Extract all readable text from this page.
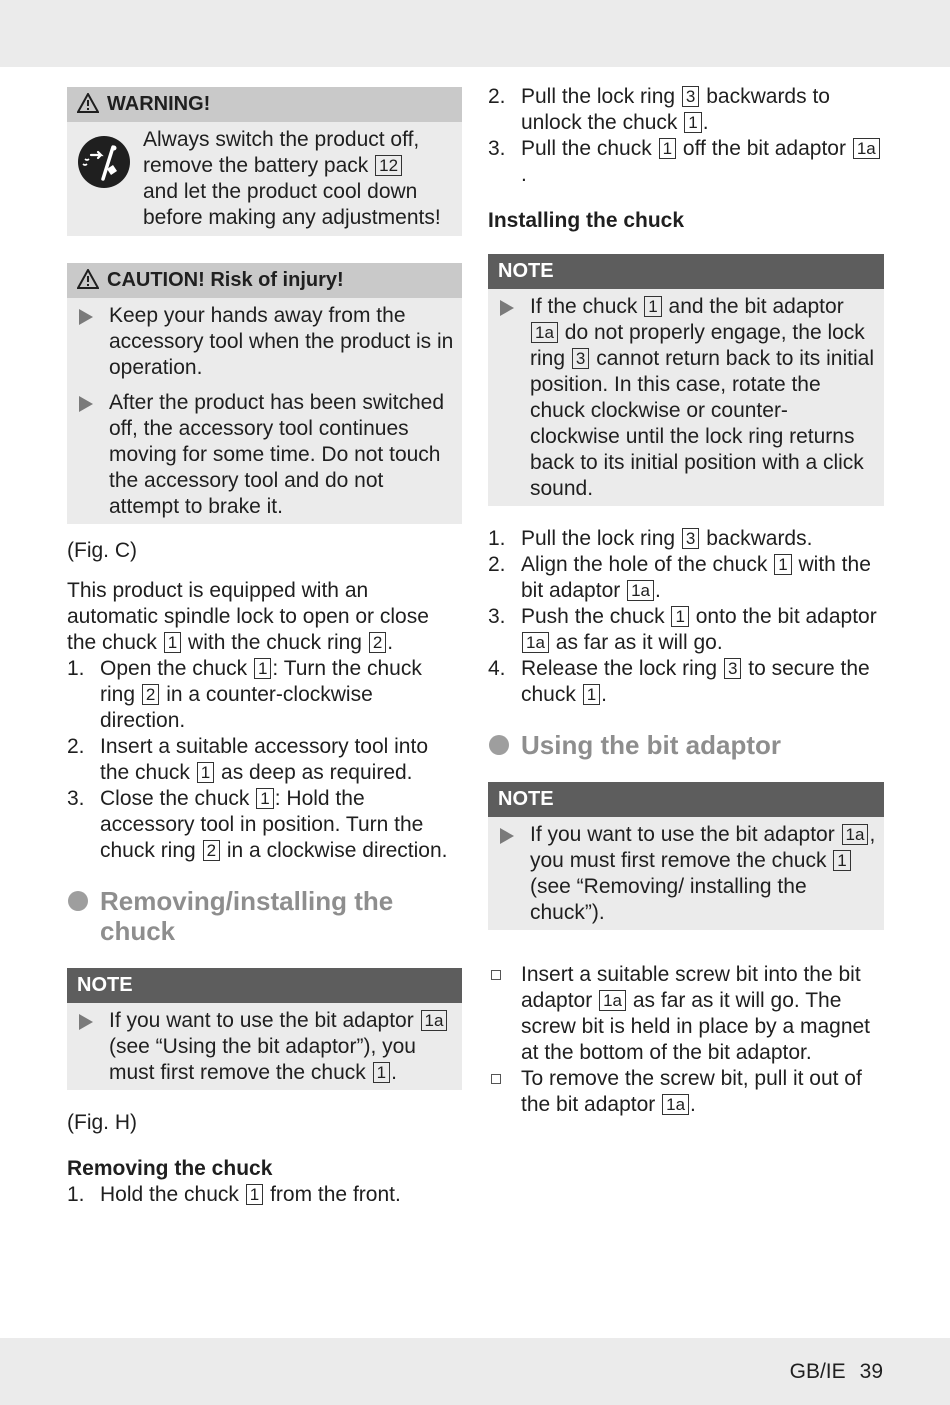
WARNING!
Always switch the product off,
remove the battery pack 12
and let the product cool down
before making any adjustments!
CAUTION! Risk of injury!
Keep your hands away from the accessory tool when the product is in operation.
After the product has been switched off, the accessory tool continues moving for some time. Do not touch the accessory tool and do not attempt to brake it.

(Fig. C)

This product is equipped with an automatic spindle lock to open or close the chuck 1 with the chuck ring 2 .

1. Open the chuck 1 : Turn the chuck ring 2 in a counter-clockwise direction.
2. Insert a suitable accessory tool into the chuck 1 as deep as required.
3. Close the chuck 1 : Hold the accessory tool in position. Turn the chuck ring 2 in a clockwise direction.
Removing/installing the chuck
NOTE
If you want to use the bit adaptor 1a (see “Using the bit adaptor”), you must first remove the chuck 1 .

(Fig. H)

Removing the chuck

1. Hold the chuck 1 from the front.
2. Pull the lock ring 3 backwards to unlock the chuck 1 .
3. Pull the chuck 1 off the bit adaptor 1a.

Installing the chuck

NOTE
If the chuck 1 and the bit adaptor 1a do not properly engage, the lock ring 3 cannot return back to its initial position. In this case, rotate the chuck clockwise or counter-clockwise until the lock ring returns back to its initial position with a click sound.
1. Pull the lock ring 3 backwards.
2. Align the hole of the chuck 1 with the bit adaptor 1a .
3. Push the chuck 1 onto the bit adaptor 1a as far as it will go.
4. Release the lock ring 3 to secure the chuck 1 .
Using the bit adaptor
NOTE
If you want to use the bit adaptor 1a , you must first remove the chuck 1 (see “Removing/ installing the chuck”).
Insert a suitable screw bit into the bit adaptor 1a as far as it will go. The screw bit is held in place by a magnet at the bottom of the bit adaptor.
To remove the screw bit, pull it out of the bit adaptor 1a .
GB/IE 39
